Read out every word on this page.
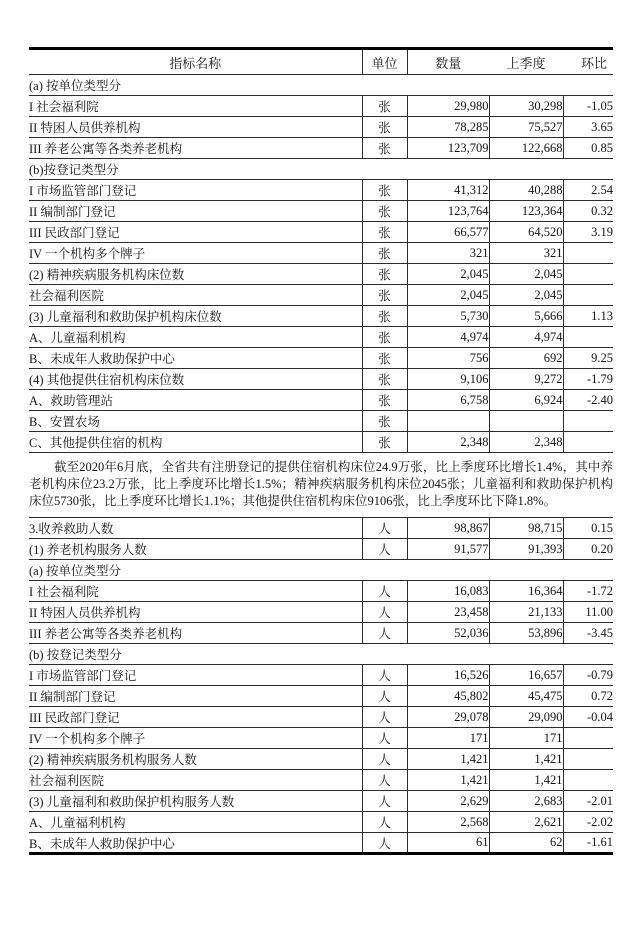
指标名称	单位	数量	上季度	环比
(a) 按单位类型分				
I 社会福利院	张	29,980	30,298	-1.05
II 特困人员供养机构	张	78,285	75,527	3.65
III 养老公寓等各类养老机构	张	123,709	122,668	0.85
(b)按登记类型分				
I 市场监管部门登记	张	41,312	40,288	2.54
II 编制部门登记	张	123,764	123,364	0.32
III 民政部门登记	张	66,577	64,520	3.19
IV 一个机构多个牌子	张	321	321	
(2) 精神疾病服务机构床位数	张	2,045	2,045	
社会福利医院	张	2,045	2,045	
(3) 儿童福利和救助保护机构床位数	张	5,730	5,666	1.13
A、儿童福利机构	张	4,974	4,974	
B、未成年人救助保护中心	张	756	692	9.25
(4) 其他提供住宿机构床位数	张	9,106	9,272	-1.79
A、救助管理站	张	6,758	6,924	-2.40
B、安置农场	张			
C、其他提供住宿的机构	张	2,348	2,348	

截至2020年6月底，全省共有注册登记的提供住宿机构床位24.9万张，比上季度环比增长1.4%，其中养老机构床位23.2万张，比上季度环比增长1.5%；精神疾病服务机构床位2045张；儿童福利和救助保护机构床位5730张，比上季度环比增长1.1%；其他提供住宿机构床位9106张，比上季度环比下降1.8%。

3.收养救助人数	人	98,867	98,715	0.15
(1) 养老机构服务人数	人	91,577	91,393	0.20
(a) 按单位类型分				
I 社会福利院	人	16,083	16,364	-1.72
II 特困人员供养机构	人	23,458	21,133	11.00
III 养老公寓等各类养老机构	人	52,036	53,896	-3.45
(b) 按登记类型分				
I 市场监管部门登记	人	16,526	16,657	-0.79
II 编制部门登记	人	45,802	45,475	0.72
III 民政部门登记	人	29,078	29,090	-0.04
IV 一个机构多个牌子	人	171	171	
(2) 精神疾病服务机构服务人数	人	1,421	1,421	
社会福利医院	人	1,421	1,421	
(3) 儿童福利和救助保护机构服务人数	人	2,629	2,683	-2.01
A、儿童福利机构	人	2,568	2,621	-2.02
B、未成年人救助保护中心	人	61	62	-1.61
